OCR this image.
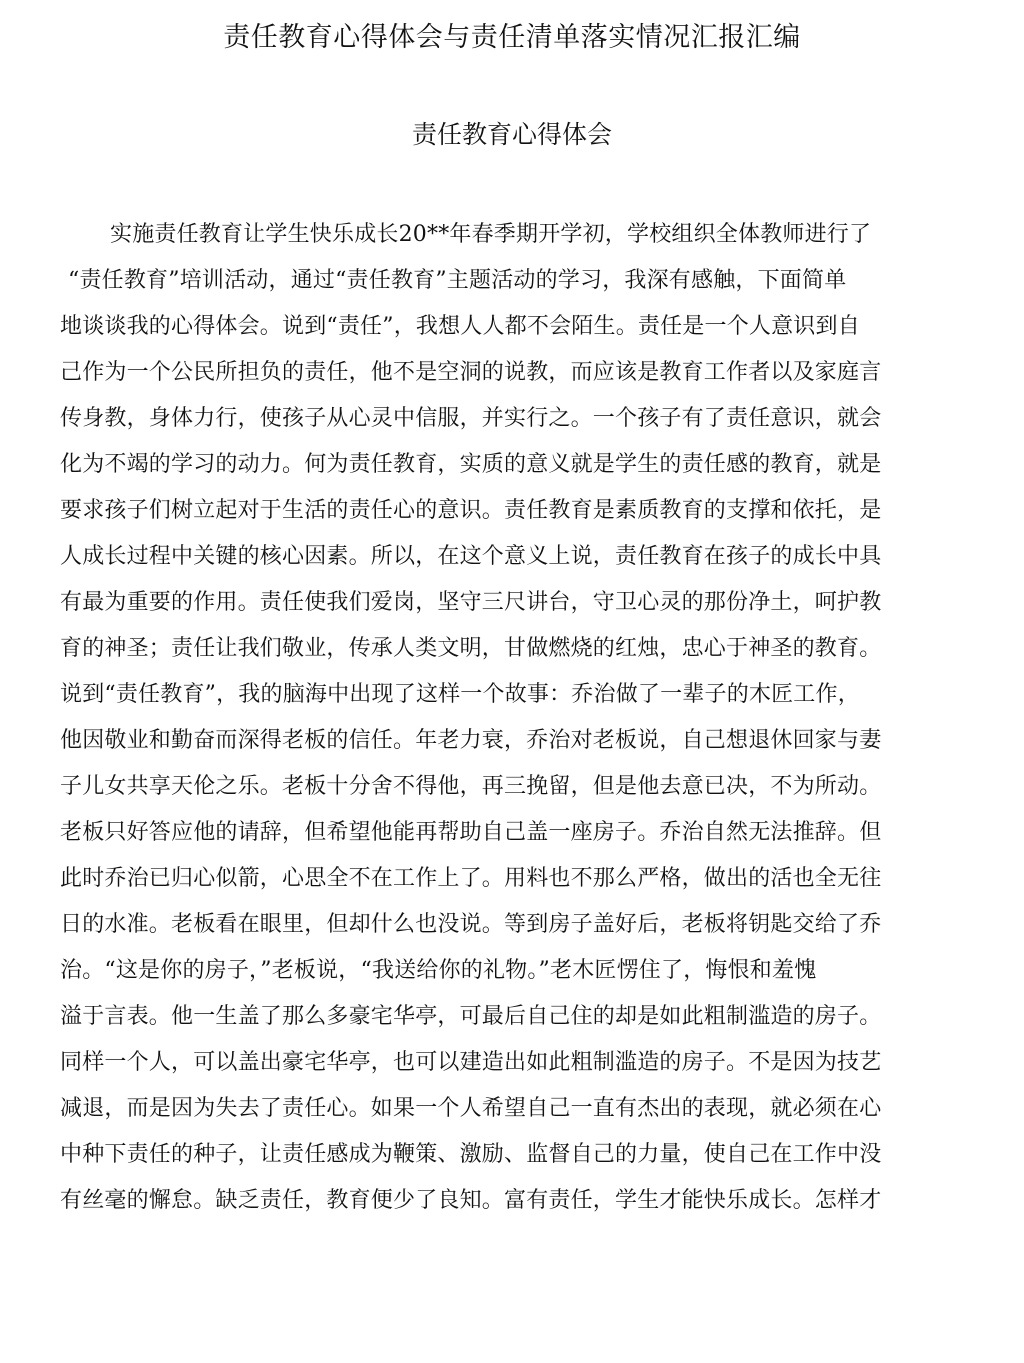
责任教育心得体会与责任清单落实情况汇报汇编
责任教育心得体会
实施责任教育让学生快乐成长20**年春季期开学初，学校组织全体教师进行了
“责任教育”培训活动，通过“责任教育”主题活动的学习，我深有感触，下面简单
地谈谈我的心得体会。说到“责任”，我想人人都不会陌生。责任是一个人意识到自
己作为一个公民所担负的责任，他不是空洞的说教，而应该是教育工作者以及家庭言
传身教，身体力行，使孩子从心灵中信服，并实行之。一个孩子有了责任意识，就会
化为不竭的学习的动力。何为责任教育，实质的意义就是学生的责任感的教育，就是
要求孩子们树立起对于生活的责任心的意识。责任教育是素质教育的支撑和依托，是
人成长过程中关键的核心因素。所以，在这个意义上说，责任教育在孩子的成长中具
有最为重要的作用。责任使我们爱岗，坚守三尺讲台，守卫心灵的那份净土，呵护教
育的神圣；责任让我们敬业，传承人类文明，甘做燃烧的红烛，忠心于神圣的教育。
说到“责任教育”，我的脑海中出现了这样一个故事：乔治做了一辈子的木匠工作，
他因敬业和勤奋而深得老板的信任。年老力衰，乔治对老板说，自己想退休回家与妻
子儿女共享天伦之乐。老板十分舍不得他，再三挽留，但是他去意已决，不为所动。
老板只好答应他的请辞，但希望他能再帮助自己盖一座房子。乔治自然无法推辞。但
此时乔治已归心似箭，心思全不在工作上了。用料也不那么严格，做出的活也全无往
日的水准。老板看在眼里，但却什么也没说。等到房子盖好后，老板将钥匙交给了乔
治。“这是你的房子，”老板说，“我送给你的礼物。”老木匠愣住了，悔恨和羞愧
溢于言表。他一生盖了那么多豪宅华亭，可最后自己住的却是如此粗制滥造的房子。
同样一个人，可以盖出豪宅华亭，也可以建造出如此粗制滥造的房子。不是因为技艺
减退，而是因为失去了责任心。如果一个人希望自己一直有杰出的表现，就必须在心
中种下责任的种子，让责任感成为鞭策、激励、监督自己的力量，使自己在工作中没
有丝毫的懈怠。缺乏责任，教育便少了良知。富有责任，学生才能快乐成长。怎样才
